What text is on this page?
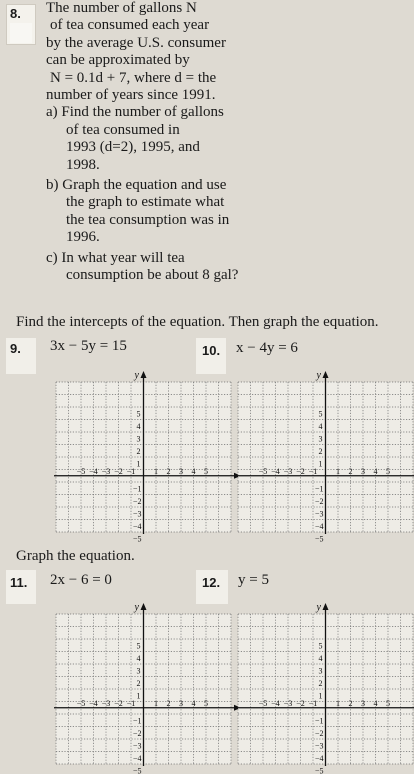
8.	The number of gallons N
of tea consumed each year
by the average U.S. consumer
can be approximated by
N = 0.1d + 7, where d = the
number of years since 1991.
a) Find the number of gallons
of tea consumed in
1993 (d=2), 1995, and
1998.
b) Graph the equation and use
the graph to estimate what
the tea consumption was in
1996.
c) In what year will tea
consumption be about 8 gal?
Find the intercepts of the equation. Then graph the equation.
9. 3x − 5y = 15
y
−5 −4 −3 −2 −1 1 2 3 4 5
5
4
3
2
1
−1
−2
−3
−4
−5
10. x − 4y = 6
y
−5 −4 −3 −2 −1 1 2 3 4 5
5
4
3
2
1
−1
−2
−3
−4
−5
Graph the equation.
11. 2x − 6 = 0
y
−5 −4 −3 −2 −1 1 2 3 4 5
5
4
3
2
1
−1
−2
−3
−4
−5
12. y = 5
y
−5 −4 −3 −2 −1 1 2 3 4 5
5
4
3
2
1
−1
−2
−3
−4
−5
